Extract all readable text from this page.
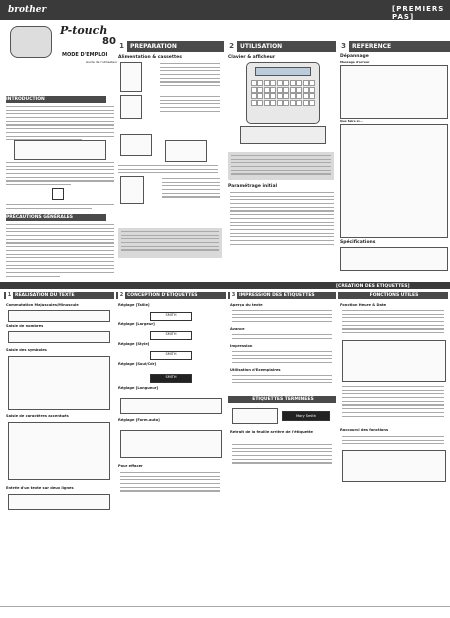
brother	[PREMIERS PAS]
P-touch
80
MODE D'EMPLOI
Guide de l'utilisateur
INTRODUCTION
PRÉCAUTIONS GÉNÉRALES
1 PREPARATION
Alimentation & cassettes
2 UTILISATION
Clavier & afficheur
Paramétrage initial
3 REFERENCE
Dépannage
Message d'erreur
Que faire si...
Spécifications
[CREATION DES ETIQUETTES]
1 REALISATION DU TEXTE	2 CONCEPTION D'ETIQUETTES	3 IMPRESSION DES ETIQUETTES	FONCTIONS UTILES
Commutation Majuscules/Minuscule
Saisie de nombres
Saisie des symboles
Saisie de caractères accentués
Entrée d'un texte sur deux lignes
Réglage [Taille]
SMITH
Réglage [Largeur]
SMITH
Réglage [Style]
SMITH
Réglage [Soul/Cdr]
SMITH
Réglage [Longueur]
Réglage [Form.auto]
Pour effacer
Aperçu du texte
Avance
Impression
Utilisation d'Exemplaires
ETIQUETTES TERMINEES
Mary Smith
Retrait de la feuille arrière de l'étiquette
Fonction Heure & Date
Raccourci des fonctions
